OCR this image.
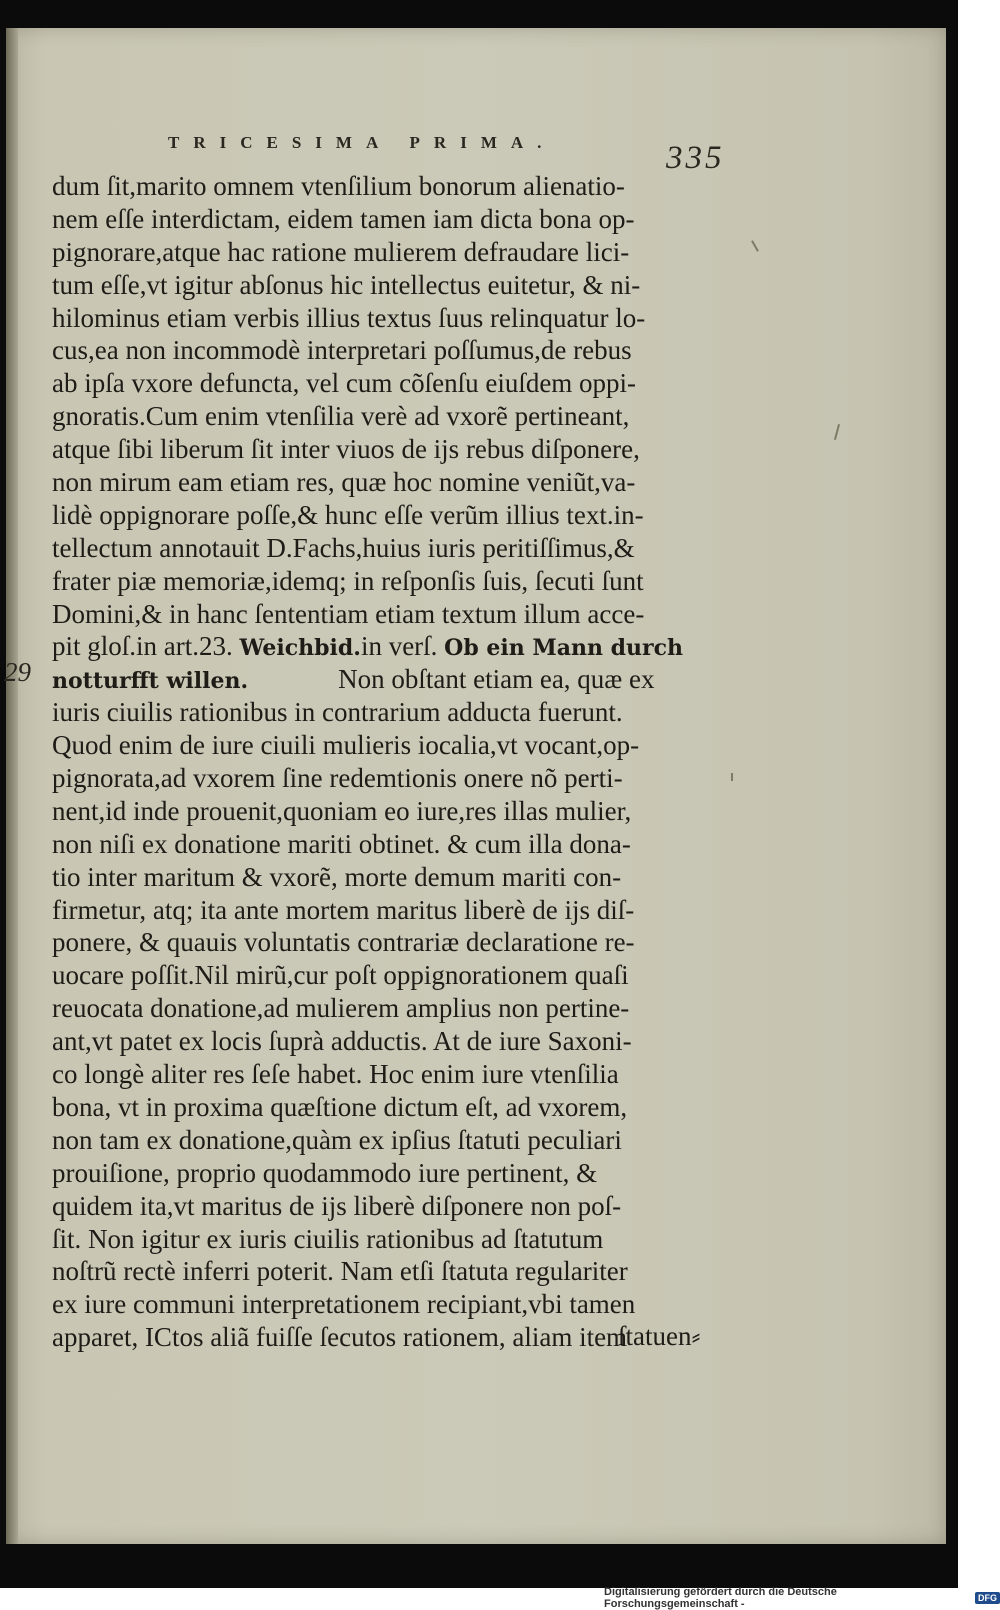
TRICESIMA PRIMA.	335
29
dum ſit,marito omnem vtenſilium bonorum alienatio-
nem eſſe interdictam, eidem tamen iam dicta bona op-
pignorare,atque hac ratione mulierem defraudare lici-
tum eſſe,vt igitur abſonus hic intellectus euitetur, & ni-
hilominus etiam verbis illius textus ſuus relinquatur lo-
cus,ea non incommodè interpretari poſſumus,de rebus
ab ipſa vxore defuncta, vel cum cõſenſu eiuſdem oppi-
gnoratis.Cum enim vtenſilia verè ad vxorẽ pertineant,
atque ſibi liberum ſit inter viuos de ijs rebus diſponere,
non mirum eam etiam res, quæ hoc nomine veniũt,va-
lidè oppignorare poſſe,& hunc eſſe verũm illius text.in-
tellectum annotauit D.Fachs,huius iuris peritiſſimus,&
frater piæ memoriæ,idemq; in reſponſis ſuis, ſecuti ſunt
Domini,& in hanc ſententiam etiam textum illum acce-
pit gloſ.in art.23. Weichbid.in verſ. Ob ein Mann durch
notturfft willen.	Non obſtant etiam ea, quæ ex
iuris ciuilis rationibus in contrarium adducta fuerunt.
Quod enim de iure ciuili mulieris iocalia,vt vocant,op-
pignorata,ad vxorem ſine redemtionis onere nõ perti-
nent,id inde prouenit,quoniam eo iure,res illas mulier,
non niſi ex donatione mariti obtinet. & cum illa dona-
tio inter maritum & vxorẽ, morte demum mariti con-
firmetur, atq; ita ante mortem maritus liberè de ijs diſ-
ponere, & quauis voluntatis contrariæ declaratione re-
uocare poſſit.Nil mirũ,cur poſt oppignorationem quaſi
reuocata donatione,ad mulierem amplius non pertine-
ant,vt patet ex locis ſuprà adductis. At de iure Saxoni-
co longè aliter res ſeſe habet. Hoc enim iure vtenſilia
bona, vt in proxima quæſtione dictum eſt, ad vxorem,
non tam ex donatione,quàm ex ipſius ſtatuti peculiari
prouiſione, proprio quodammodo iure pertinent, &
quidem ita,vt maritus de ijs liberè diſponere non poſ-
ſit. Non igitur ex iuris ciuilis rationibus ad ſtatutum
noſtrũ rectè inferri poterit. Nam etſi ſtatuta regulariter
ex iure communi interpretationem recipiant,vbi tamen
apparet, ICtos aliã fuiſſe ſecutos rationem, aliam item
ſtatuen⸗
Digitalisierung gefördert durch die Deutsche Forschungsgemeinschaft -	DFG
